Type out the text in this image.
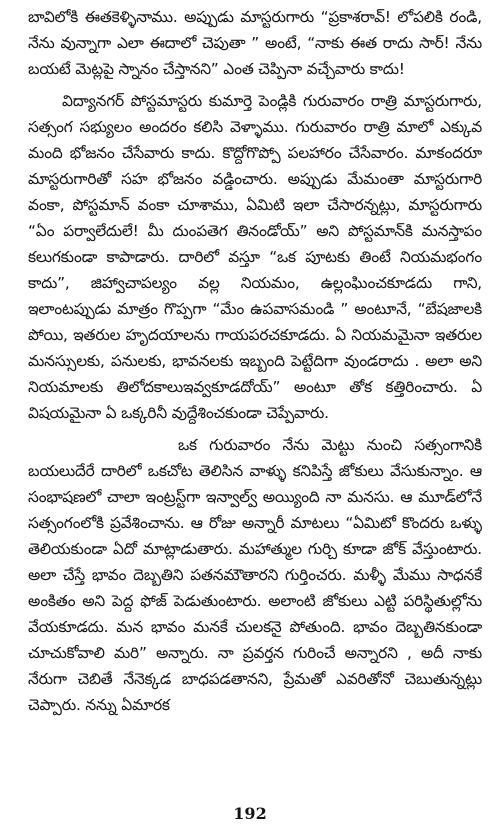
బావిలోకి ఈతకెళ్ళినాము. అప్పుడు మాస్టరుగారు “ప్రకాశరావ్! లోపలికి రండి, నేను వున్నాగా ఎలా ఈదాలో చెపుతా ” అంటే, “నాకు ఈత రాదు సార్! నేను బయటే మెట్లపై స్నానం చేస్తానని” ఎంత చెప్పినా వచ్చేవారు కాదు!

విద్యానగర్ పోస్టమాస్టరు కుమార్తె పెండ్లికి గురువారం రాత్రి మాస్టరుగారు, సత్సంగ సభ్యులం అందరం కలిసి వెళ్ళాము. గురువారం రాత్రి మాలో ఎక్కువ మంది భోజనం చేసేవారు కాదు. కొద్దోగొప్పో పలహారం చేసేవారం. మాకందరూ మాస్టరుగారితో సహ భోజనం వడ్డించారు. అప్పుడు మేమంతా మాస్టరుగారి వంకా, పోస్టమాన్ వంకా చూశాము, ఏమిటి ఇలా చేసారన్నట్లు, మాస్టరుగారు “ఏం పర్వాలేదులే! మీ దుంపతెగ తినండోయ్” అని పోస్టమాన్‌కి మనస్తాపం కలుగకుండా కాపాడారు. దారిలో వస్తూ “ఒక పూటకు తింటే నియమభంగం కాదు”, జిహ్వాచాపల్యం వల్ల నియమం, ఉల్లంఘించకూడదు గాని, ఇలాంటప్పుడు మాత్రం గొప్పగా “మేం ఉపవాసమండి ” అంటూనే, “బేషజాలకి పోయి, ఇతరుల హృదయాలను గాయపరచకూడదు. ఏ నియమమైనా ఇతరుల మనస్సులకు, పనులకు, భావనలకు ఇబ్బంది పెట్టేదిగా వుండరాదు . అలా అని నియమాలకు తిలోదకాలుఇవ్వకూడదోయ్” అంటూ తోక కత్తిరించారు. ఏ విషయమైనా ఏ ఒక్కరినీ వుద్దేశించకుండా చెప్పేవారు.

ఒక గురువారం నేను మెట్టు నుంచి సత్సంగానికి బయలుదేరే దారిలో ఒకచోట తెలిసిన వాళ్ళు కనిపిస్తే జోకులు వేసుకున్నాం. ఆ సంభాషణలో చాలా ఇంట్రస్ట్‌గా ఇన్వాల్వ్ అయ్యింది నా మనసు. ఆ మూడ్‌లోనే సత్సంగంలోకి ప్రవేశించాను. ఆ రోజు అన్నారీ మాటలు “ఏమిటో కొందరు ఒళ్ళు తెలియకుండా ఏదో మాట్లాడుతారు. మహాత్ముల గుర్చి కూడా జోక్ వేస్తుంటారు. అలా చేస్తే భావం దెబ్బతిని పతనమౌతారని గుర్తించరు. మళ్ళీ మేము సాధనకే అంకితం అని పెద్ద ఫోజ్ పెడుతుంటారు. అలాంటి జోకులు ఎట్టి పరిస్థితుల్లోను వేయకూడదు. మన భావం మనకే చులకనై పోతుంది. భావం దెబ్బతినకుండా చూచుకోవాలి మరి” అన్నారు. నా ప్రవర్తన గురించే అన్నారని , అదీ నాకు నేరుగా చెబితే నేనెక్కడ బాధపడతానని, ప్రేమతో ఎవరితోనో చెబుతున్నట్లు చెప్పారు. నన్ను ఏమారక

192
